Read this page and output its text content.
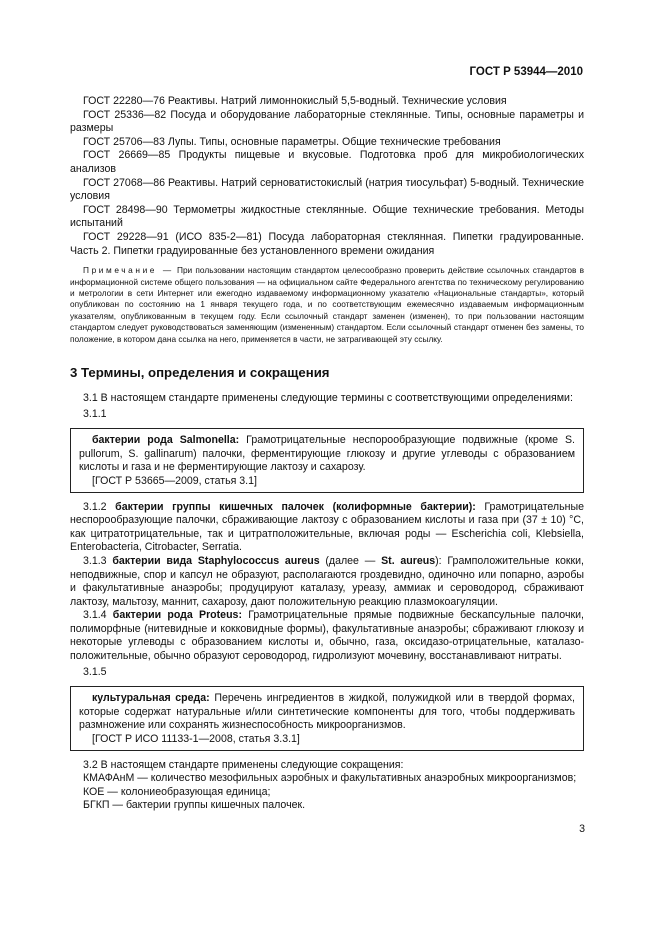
ГОСТ Р 53944—2010

ГОСТ 22280—76 Реактивы. Натрий лимоннокислый 5,5-водный. Технические условия

ГОСТ 25336—82 Посуда и оборудование лабораторные стеклянные. Типы, основные параметры и размеры

ГОСТ 25706—83 Лупы. Типы, основные параметры. Общие технические требования

ГОСТ 26669—85 Продукты пищевые и вкусовые. Подготовка проб для микробиологических анализов

ГОСТ 27068—86 Реактивы. Натрий серноватистокислый (натрия тиосульфат) 5-водный. Технические условия

ГОСТ 28498—90 Термометры жидкостные стеклянные. Общие технические требования. Методы испытаний

ГОСТ 29228—91 (ИСО 835-2—81) Посуда лабораторная стеклянная. Пипетки градуированные. Часть 2. Пипетки градуированные без установленного времени ожидания

Примечание — При пользовании настоящим стандартом целесообразно проверить действие ссылочных стандартов в информационной системе общего пользования — на официальном сайте Федерального агентства по техническому регулированию и метрологии в сети Интернет или ежегодно издаваемому информационному указателю «Национальные стандарты», который опубликован по состоянию на 1 января текущего года, и по соответствующим ежемесячно издаваемым информационным указателям, опубликованным в текущем году. Если ссылочный стандарт заменен (изменен), то при пользовании настоящим стандартом следует руководствоваться заменяющим (измененным) стандартом. Если ссылочный стандарт отменен без замены, то положение, в котором дана ссылка на него, применяется в части, не затрагивающей эту ссылку.
3 Термины, определения и сокращения

3.1 В настоящем стандарте применены следующие термины с соответствующими определениями:

3.1.1

бактерии рода Salmonella: Грамотрицательные неспорообразующие подвижные (кроме S. pullorum, S. gallinarum) палочки, ферментирующие глюкозу и другие углеводы с образованием кислоты и газа и не ферментирующие лактозу и сахарозу.

[ГОСТ Р 53665—2009, статья 3.1]

3.1.2 бактерии группы кишечных палочек (колиформные бактерии): Грамотрицательные неспорообразующие палочки, сбраживающие лактозу с образованием кислоты и газа при (37 ± 10) °С, как цитратотрицательные, так и цитратположительные, включая роды — Escherichia coli, Klebsiella, Enterobacteria, Citrobacter, Serratia.

3.1.3 бактерии вида Staphylococcus aureus (далее — St. aureus): Грамположительные кокки, неподвижные, спор и капсул не образуют, располагаются гроздевидно, одиночно или попарно, аэробы и факультативные анаэробы; продуцируют каталазу, уреазу, аммиак и сероводород, сбраживают лактозу, мальтозу, маннит, сахарозу, дают положительную реакцию плазмокоагуляции.

3.1.4 бактерии рода Proteus: Грамотрицательные прямые подвижные бескапсульные палочки, полиморфные (нитевидные и кокковидные формы), факультативные анаэробы; сбраживают глюкозу и некоторые углеводы с образованием кислоты и, обычно, газа, оксидазо-отрицательные, каталазо-положительные, обычно образуют сероводород, гидролизуют мочевину, восстанавливают нитраты.

3.1.5

культуральная среда: Перечень ингредиентов в жидкой, полужидкой или в твердой формах, которые содержат натуральные и/или синтетические компоненты для того, чтобы поддерживать размножение или сохранять жизнеспособность микроорганизмов.

[ГОСТ Р ИСО 11133-1—2008, статья 3.3.1]

3.2 В настоящем стандарте применены следующие сокращения:

КМАФАнМ — количество мезофильных аэробных и факультативных анаэробных микроорганизмов;

КОЕ — колониеобразующая единица;

БГКП — бактерии группы кишечных палочек.

3
